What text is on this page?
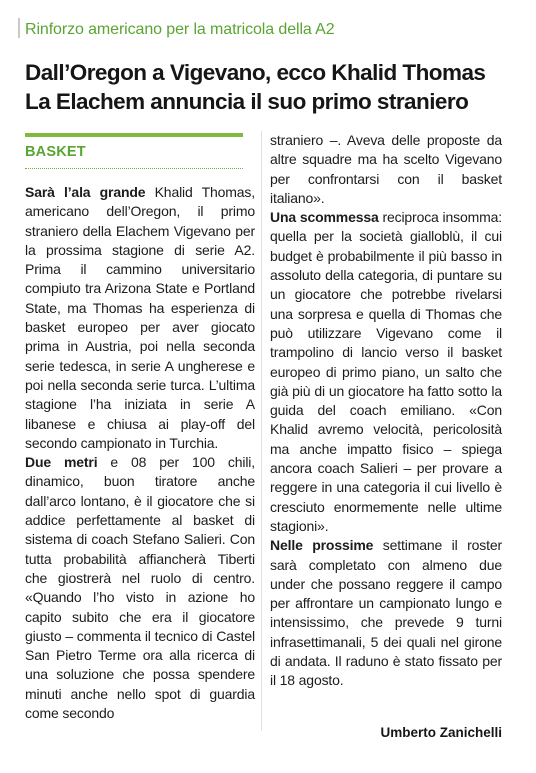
Rinforzo americano per la matricola della A2
Dall’Oregon a Vigevano, ecco Khalid Thomas
La Elachem annuncia il suo primo straniero
BASKET

Sarà l’ala grande Khalid Thomas, americano dell’Oregon, il primo straniero della Elachem Vigevano per la prossima stagione di serie A2. Prima il cammino universitario compiuto tra Arizona State e Portland State, ma Thomas ha esperienza di basket europeo per aver giocato prima in Austria, poi nella seconda serie tedesca, in serie A ungherese e poi nella seconda serie turca. L’ultima stagione l’ha iniziata in serie A libanese e chiusa ai play-off del secondo campionato in Turchia.

Due metri e 08 per 100 chili, dinamico, buon tiratore anche dall’arco lontano, è il giocatore che si addice perfettamente al basket di sistema di coach Stefano Salieri. Con tutta probabilità affiancherà Tiberti che giostrerà nel ruolo di centro. «Quando l’ho visto in azione ho capito subito che era il giocatore giusto – commenta il tecnico di Castel San Pietro Terme ora alla ricerca di una soluzione che possa spendere minuti anche nello spot di guardia come secondo

straniero –. Aveva delle proposte da altre squadre ma ha scelto Vigevano per confrontarsi con il basket italiano».

Una scommessa reciproca insomma: quella per la società gialloblù, il cui budget è probabilmente il più basso in assoluto della categoria, di puntare su un giocatore che potrebbe rivelarsi una sorpresa e quella di Thomas che può utilizzare Vigevano come il trampolino di lancio verso il basket europeo di primo piano, un salto che già più di un giocatore ha fatto sotto la guida del coach emiliano. «Con Khalid avremo velocità, pericolosità ma anche impatto fisico – spiega ancora coach Salieri – per provare a reggere in una categoria il cui livello è cresciuto enormemente nelle ultime stagioni».

Nelle prossime settimane il roster sarà completato con almeno due under che possano reggere il campo per affrontare un campionato lungo e intensissimo, che prevede 9 turni infrasettimanali, 5 dei quali nel girone di andata. Il raduno è stato fissato per il 18 agosto.

Umberto Zanichelli
